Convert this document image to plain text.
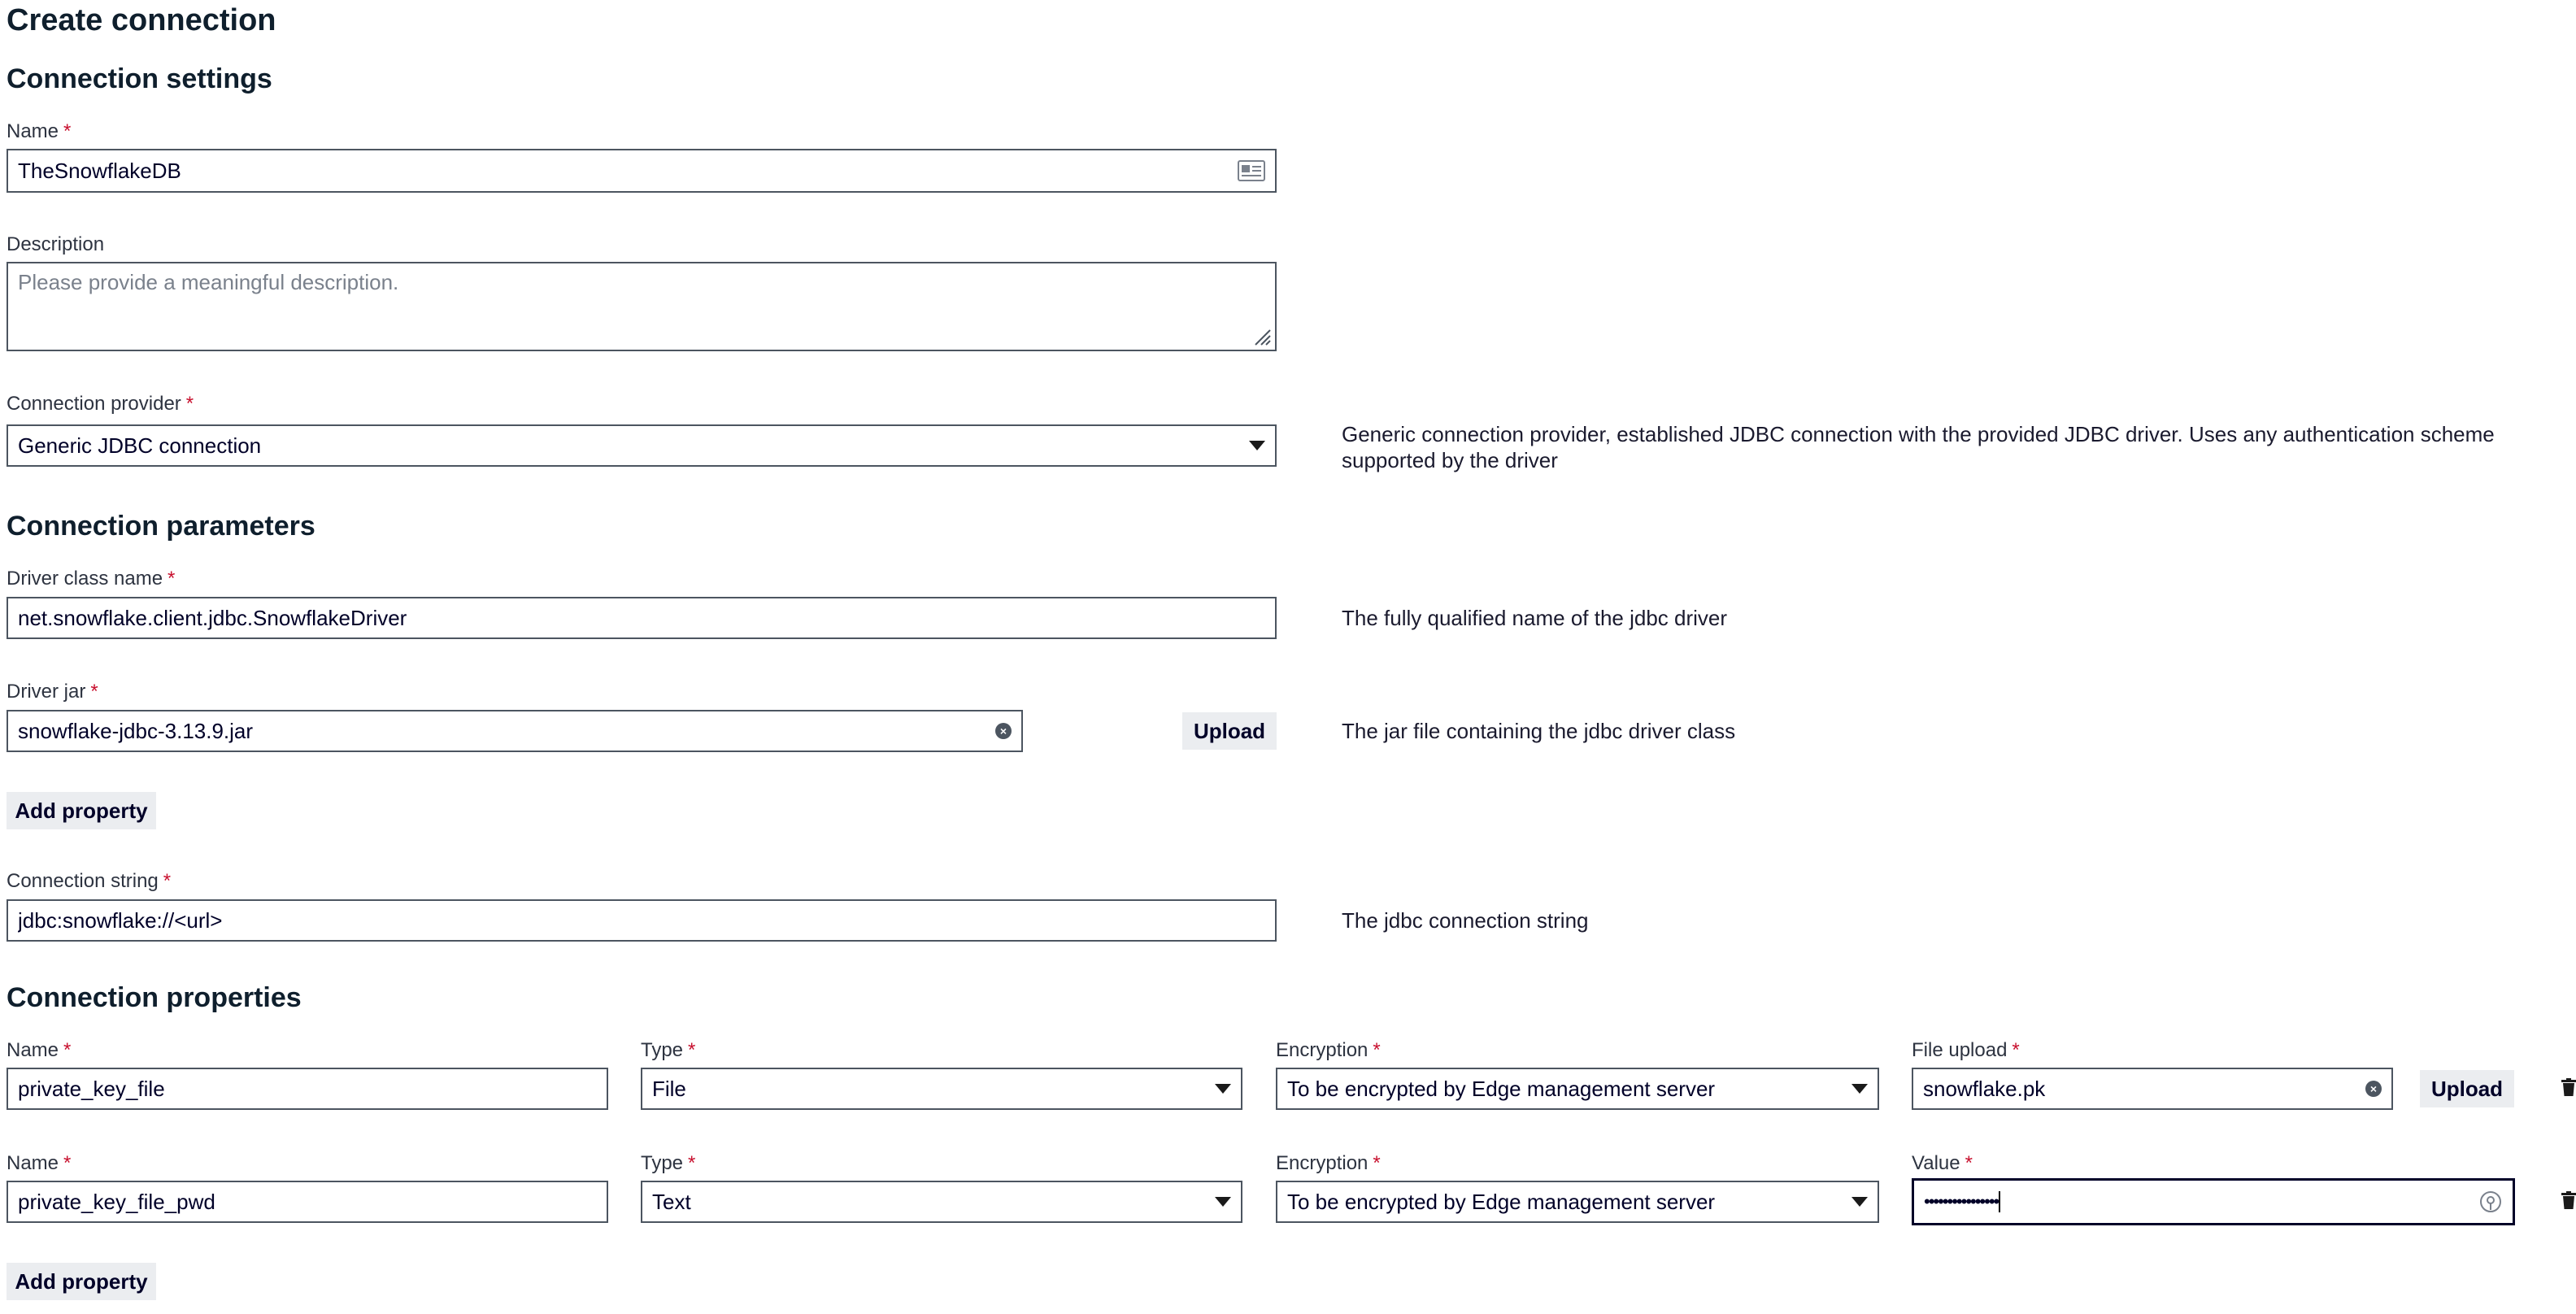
Create connection
Connection settings
Name *
TheSnowflakeDB
Description
Please provide a meaningful description.
Connection provider *
Generic JDBC connection	Generic connection provider, established JDBC connection with the provided JDBC driver. Uses any authentication scheme supported by the driver
Connection parameters
Driver class name *
net.snowflake.client.jdbc.SnowflakeDriver	The fully qualified name of the jdbc driver
Driver jar *
snowflake-jdbc-3.13.9.jar	×	Upload	The jar file containing the jdbc driver class
Add property
Connection string *
jdbc:snowflake://<url>	The jdbc connection string
Connection properties
Name *
private_key_file
Type *
File
Encryption *
To be encrypted by Edge management server
File upload *
snowflake.pk	×	Upload
Name *
private_key_file_pwd
Type *
Text
Encryption *
To be encrypted by Edge management server
Value *
••••••••••••••••
Add property
